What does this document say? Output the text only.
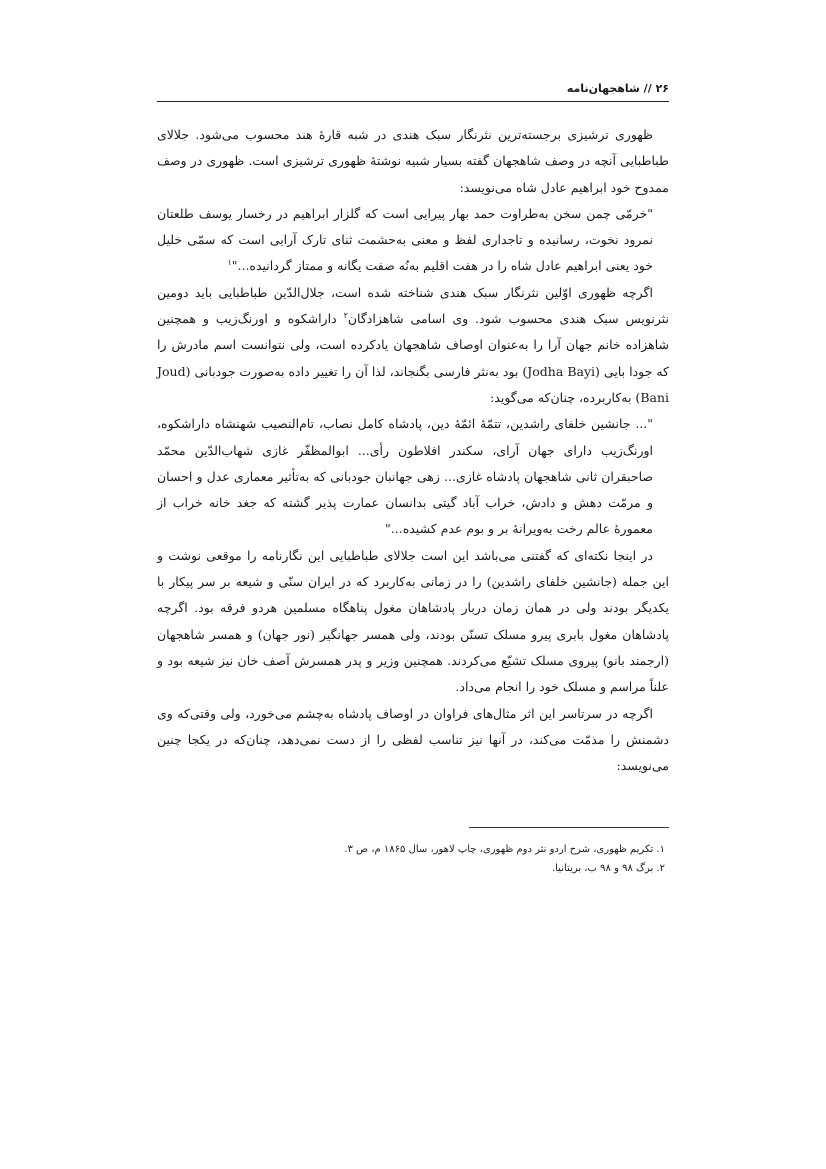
۲۶ // شاهجهان‌نامه

ظهوری ترشیزی برجسته‌ترین نثرنگار سبک هندی در شبه قارهٔ هند محسوب می‌شود. جلالای طباطبایی آنچه در وصف شاهجهان گفته بسیار شبیه نوشتهٔ ظهوری ترشیزی است. ظهوری در وصف ممدوح خود ابراهیم عادل شاه می‌نویسد:

"خرمّی چمن سخن به‌طراوت حمد بهار پیرایی است که گلزار ابراهیم در رخسار یوسف طلعتان نمرود نخوت، رسانیده و تاجداری لفظ و معنی به‌حشمت ثنای تارک آرایی است که سمّی خلیل خود یعنی ابراهیم عادل شاه را در هفت اقلیم به‌نُه صفت یگانه و ممتاز گردانیده..."$^۱$

اگرچه ظهوری اوّلین نثرنگار سبک هندی شناخته شده است، جلال‌الدّین طباطبایی باید دومین نثرنویس سبک هندی محسوب شود. وی اسامی شاهزادگان$^۲$ داراشکوه و اورنگ‌زیب و همچنین شاهزاده خانم جهان آرا را به‌عنوان اوصاف شاهجهان یادکرده است، ولی نتوانست اسم مادرش را که جودا بایی (Jodha Bayi) بود به‌نثر فارسی بگنجاند، لذا آن را تغییر داده به‌صورت جودبانی (Joud Bani) به‌کاربرده، چنان‌که می‌گوید:

"... جانشین خلفای راشدین، تتمّهٔ ائمّهٔ دین، پادشاه کامل نصاب، تام‌النصیب شهنشاه داراشکوه، اورنگ‌زیب دارای جهان آرای، سکندر افلاطون رأی... ابوالمظفّر غازی شهاب‌الدّین محمّد صاحبقران ثانی شاهجهان پادشاه غازی... زهی جهانبان جودبانی که به‌تأثیر معماری عدل و احسان و مرمّت دهش و دادش، خراب آباد گیتی بدانسان عمارت پذیر گشته که جغد خانه خراب از معمورهٔ عالم رخت به‌ویرانهٔ بر و بوم عدم کشیده..."

در اینجا نکته‌ای که گفتنی می‌باشد این است جلالای طباطبایی این نگارنامه را موقعی نوشت و این جمله (جانشین خلفای راشدین) را در زمانی به‌کاربرد که در ایران سنّی و شیعه بر سر پیکار با یکدیگر بودند ولی در همان زمان دربار پادشاهان مغول پناهگاه مسلمین هردو فرقه بود. اگرچه پادشاهان مغول بابری پیرو مسلک تسنّن بودند، ولی همسر جهانگیر (نور جهان) و همسر شاهجهان (ارجمند بانو) پیروی مسلک تشیّع می‌کردند. همچنین وزیر و پدر همسرش آصف خان نیز شیعه بود و علناً مراسم و مسلک خود را انجام می‌داد.

اگرچه در سرتاسر این اثر مثال‌های فراوان در اوصاف پادشاه به‌چشم می‌خورد، ولی وقتی‌که وی دشمنش را مذمّت می‌کند، در آنها نیز تناسب لفظی را از دست نمی‌دهد، چنان‌که در یکجا چنین می‌نویسد:

۱. تکریم ظهوری، شرح اردو نثر دوم ظهوری، چاپ لاهور، سال ۱۸۶۵ م، ص ۳.

۲. برگ ۹۸ و ۹۸ ب، بریتانیا.
